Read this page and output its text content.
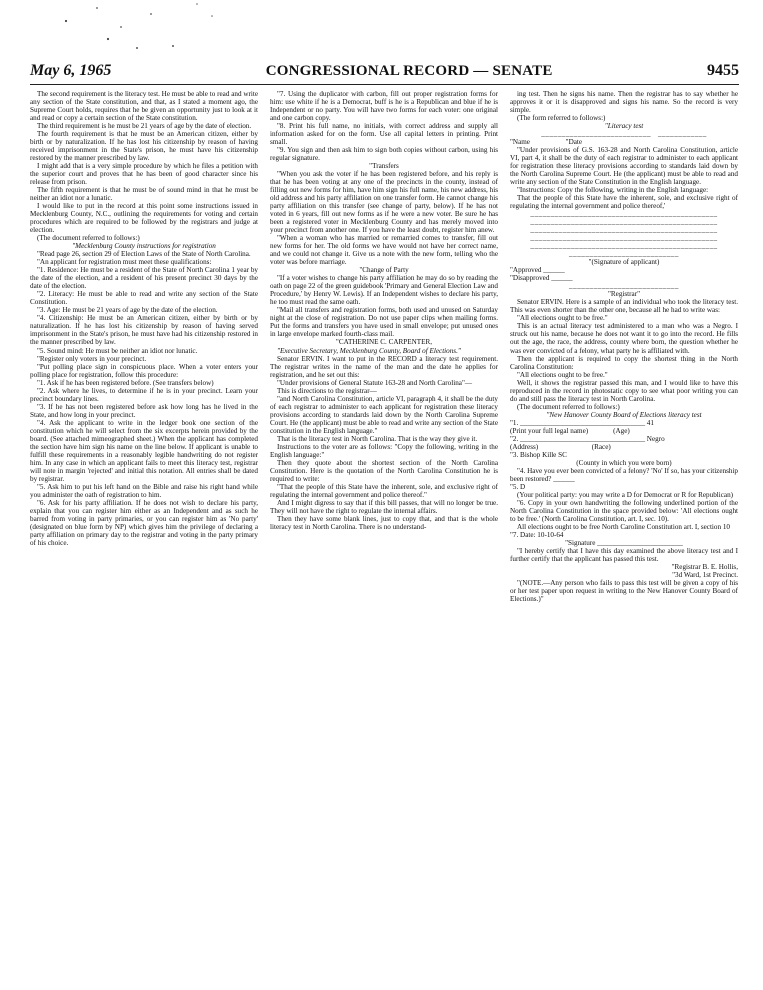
May 6, 1965	CONGRESSIONAL RECORD — SENATE	9455

The second requirement is the literacy test. He must be able to read and write any section of the State constitution, and that, as I stated a moment ago, the Supreme Court holds, requires that he be given an opportunity just to look at it and read or copy a certain section of the State constitution.

The third requirement is he must be 21 years of age by the date of election.

The fourth requirement is that he must be an American citizen, either by birth or by naturalization. If he has lost his citizenship by reason of having received imprisonment in the State's prison, he must have his citizenship restored by the manner prescribed by law.

I might add that is a very simple procedure by which he files a petition with the superior court and proves that he has been of good character since his release from prison.

The fifth requirement is that he must be of sound mind in that he must be neither an idiot nor a lunatic.

I would like to put in the record at this point some instructions issued in Mecklenburg County, N.C., outlining the requirements for voting and certain procedures which are required to be followed by the registrars and judge at election.

(The document referred to follows:)

"Mecklenburg County instructions for registration

"Read page 26, section 29 of Election Laws of the State of North Carolina.

"An applicant for registration must meet these qualifications:

"1. Residence: He must be a resident of the State of North Carolina 1 year by the date of the election, and a resident of his present precinct 30 days by the date of the election.

"2. Literacy: He must be able to read and write any section of the State Constitution.

"3. Age: He must be 21 years of age by the date of the election.

"4. Citizenship: He must be an American citizen, either by birth or by naturalization. If he has lost his citizenship by reason of having served imprisonment in the State's prison, he must have had his citizenship restored in the manner prescribed by law.

"5. Sound mind: He must be neither an idiot nor lunatic.

"Register only voters in your precinct.

"Put polling place sign in conspicuous place. When a voter enters your polling place for registration, follow this procedure:

"1. Ask if he has been registered before. (See transfers below)

"2. Ask where he lives, to determine if he is in your precinct. Learn your precinct boundary lines.

"3. If he has not been registered before ask how long has he lived in the State, and how long in your precinct.

"4. Ask the applicant to write in the ledger book one section of the constitution which he will select from the six excerpts herein provided by the board. (See attached mimeographed sheet.) When the applicant has completed the section have him sign his name on the line below. If applicant is unable to fulfill these requirements in a reasonably legible handwriting do not register him. In any case in which an applicant fails to meet this literacy test, registrar will note in margin 'rejected' and initial this notation. All entries shall be dated by registrar.

"5. Ask him to put his left hand on the Bible and raise his right hand while you administer the oath of registration to him.

"6. Ask for his party affiliation. If he does not wish to declare his party, explain that you can register him either as an Independent and as such he barred from voting in party primaries, or you can register him as 'No party' (designated on blue form by NP) which gives him the privilege of declaring a party affiliation on primary day to the registrar and voting in the party primary of his choice.

"7. Using the duplicator with carbon, fill out proper registration forms for him: use white if he is a Democrat, buff is he is a Republican and blue if he is Independent or no party. You will have two forms for each voter: one original and one carbon copy.

"8. Print his full name, no initials, with correct address and supply all information asked for on the form. Use all capital letters in printing. Print small.

"9. You sign and then ask him to sign both copies without carbon, using his regular signature.

"Transfers

"When you ask the voter if he has been registered before, and his reply is that he has been voting at any one of the precincts in the county, instead of filling out new forms for him, have him sign his full name, his new address, his old address and his party affiliation on one transfer form. He cannot change his party affiliation on this transfer (see change of party, below). If he has not voted in 6 years, fill out new forms as if he were a new voter. Be sure he has been a registered voter in Mecklenburg County and has merely moved into your precinct from another one. If you have the least doubt, register him anew.

"When a woman who has married or remarried comes to transfer, fill out new forms for her. The old forms we have would not have her correct name, and we could not change it. Give us a note with the new form, telling who the voter was before marriage.

"Change of Party

"If a voter wishes to change his party affiliation he may do so by reading the oath on page 22 of the green guidebook 'Primary and General Election Law and Procedure,' by Henry W. Lewis). If an Independent wishes to declare his party, he too must read the same oath.

"Mail all transfers and registration forms, both used and unused on Saturday night at the close of registration. Do not use paper clips when mailing forms. Put the forms and transfers you have used in small envelope; put unused ones in large envelope marked fourth-class mail.

"CATHERINE C. CARPENTER,

"Executive Secretary, Mecklenburg County, Board of Elections."

Senator ERVIN. I want to put in the RECORD a literacy test requirement. The registrar writes in the name of the man and the date he applies for registration, and he set out this:

"Under provisions of General Statute 163-28 and North Carolina"—

This is directions to the registrar—

"and North Carolina Constitution, article VI, paragraph 4, it shall be the duty of each registrar to administer to each applicant for registration these literacy provisions according to standards laid down by the North Carolina Supreme Court. He (the applicant) must be able to read and write any section of the State constitution in the English language."

That is the literacy test in North Carolina. That is the way they give it.

Instructions to the voter are as follows: "Copy the following, writing in the English language:"

Then they quote about the shortest section of the North Carolina Constitution. Here is the quotation of the North Carolina Constitution he is required to write:

"That the people of this State have the inherent, sole, and exclusive right of regulating the internal government and police thereof."

And I might digress to say that if this bill passes, that will no longer be true. They will not have the right to regulate the internal affairs.

Then they have some blank lines, just to copy that, and that is the whole literacy test in North Carolina. There is no understand-

ing test. Then he signs his name. Then the registrar has to say whether he approves it or it is disapproved and signs his name. So the record is very simple.

(The form referred to follows:)

"Literacy test

___________________________   ____________

"Name                    "Date

"Under provisions of G.S. 163-28 and North Carolina Constitution, article VI, part 4, it shall be the duty of each registrar to administer to each applicant for registration these literacy provisions according to standards laid down by the North Carolina Supreme Court. He (the applicant) must be able to read and write any section of the State Constitution in the English language.

"Instructions: Copy the following, writing in the English language:

That the people of this State have the inherent, sole, and exclusive right of regulating the internal government and police thereof,'

______________________________________________

______________________________________________

______________________________________________

______________________________________________

______________________________________________

___________________________

"(Signature of applicant)

"Approved ______

"Disapproved ______

___________________________

"Registrar"

Senator ERVIN. Here is a sample of an individual who took the literacy test. This was even shorter than the other one, because all he had to write was:

"All elections ought to be free."

This is an actual literacy test administered to a man who was a Negro. I struck out his name, because he does not want it to go into the record. He fills out the age, the race, the address, county where born, the question whether he was ever convicted of a felony, what party he is affiliated with.

Then the applicant is required to copy the shortest thing in the North Carolina Constitution:

"All elections ought to be free."

Well, it shows the registrar passed this man, and I would like to have this reproduced in the record in photostatic copy to see what poor writing you can do and still pass the literacy test in North Carolina.

(The document referred to follows:)

"New Hanover County Board of Elections literacy test

"1. ___________________________________ 41

(Print your full legal name)              (Age)

"2. ___________________________________ Negro

(Address)                              (Race)

"3. Bishop Kille SC

(County in which you were born)

"4. Have you ever been convicted of a felony? 'No' If so, has your citizenship been restored? ______

"5. D

(Your political party: you may write a D for Democrat or R for Republican)

"6. Copy in your own handwriting the following underlined portion of the North Carolina Constitution in the space provided below: 'All elections ought to be free.' (North Carolina Constitution, art. I, sec. 10).

All elections ought to be free North Caroline Constitution art. I, section 10

"7. Date: 10-10-64

"Signature ________________________

"I hereby certify that I have this day examined the above literacy test and I further certify that the applicant has passed this test.

"Registrar B. E. Hollis,

"3d Ward, 1st Precinct.

"(NOTE.—Any person who fails to pass this test will be given a copy of his or her test paper upon request in writing to the New Hanover County Board of Elections.)"
